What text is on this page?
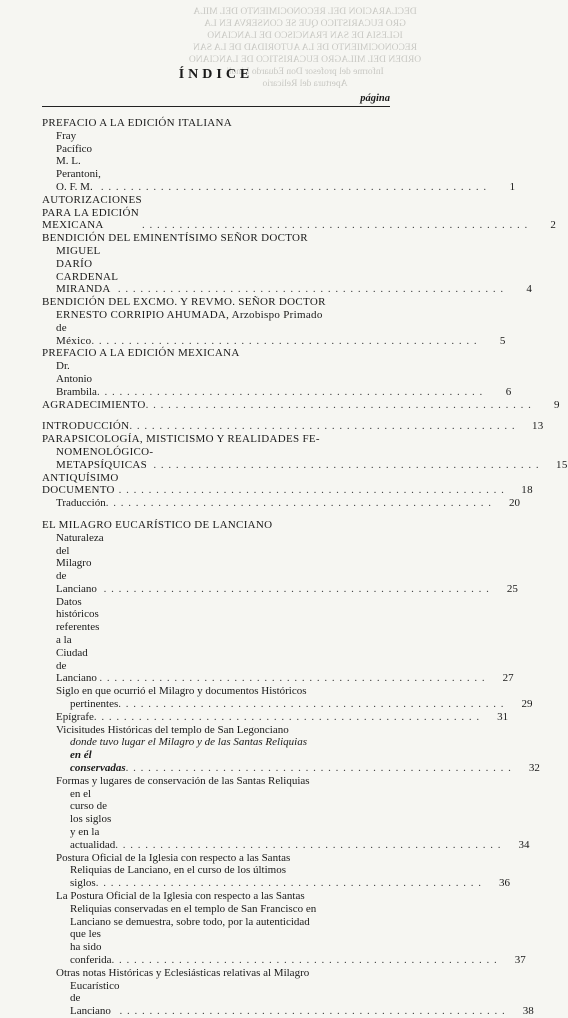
DECLARACION DEL RECONOCIMIENTO DEL MILA
GRO EUCARISTICO QUE SE CONSERVA EN LA
IGLESIA DE SAN FRANCISCO DE LANCIANO
RECONOCIMIENTO DE LA AUTORIDAD DE LA SAN
ORDEN DEL MILAGRO EUCARISTICO DE LANCIANO
Informe del profesor Don Eduardo Linoli
Apertura del Relicario
ÍNDICE
página
PREFACIO A LA EDICIÓN ITALIANA
Fray Pacífico M. L. Perantoni, O. F. M. . . . . . . . . . . . . . . . . . . . . . . . . . . . . . . . . . . . . . . . . . . . . . . . . . . . .	1
AUTORIZACIONES PARA LA EDICIÓN MEXICANA	. . . . . . . . . . . . . . . . . . . . . . . . . . . . . . . . . . . . . . . . . . . . . . . . . . . .	2
BENDICIÓN DEL EMINENTÍSIMO SEÑOR DOCTOR
MIGUEL DARÍO CARDENAL MIRANDA . . . . . . . . . . . . . . . . . . . . . . . . . . . . . . . . . . . . . . . . . . . . . . . . . . . .	4
BENDICIÓN DEL EXCMO. Y REVMO. SEÑOR DOCTOR
ERNESTO CORRIPIO AHUMADA, Arzobispo Primado
de México . . . . . . . . . . . . . . . . . . . . . . . . . . . . . . . . . . . . . . . . . . . . . . . . . . . .	5
PREFACIO A LA EDICIÓN MEXICANA
Dr. Antonio Brambila . . . . . . . . . . . . . . . . . . . . . . . . . . . . . . . . . . . . . . . . . . . . . . . . . . . .	6
AGRADECIMIENTO . . . . . . . . . . . . . . . . . . . . . . . . . . . . . . . . . . . . . . . . . . . . . . . . . . . .	9
INTRODUCCIÓN . . . . . . . . . . . . . . . . . . . . . . . . . . . . . . . . . . . . . . . . . . . . . . . . . . . .	13
PARAPSICOLOGÍA, MISTICISMO Y REALIDADES FE-
NOMENOLÓGICO-METAPSÍQUICAS . . . . . . . . . . . . . . . . . . . . . . . . . . . . . . . . . . . . . . . . . . . . . . . . . . . .	15
ANTIQUÍSIMO DOCUMENTO . . . . . . . . . . . . . . . . . . . . . . . . . . . . . . . . . . . . . . . . . . . . . . . . . . . .	18
Traducción . . . . . . . . . . . . . . . . . . . . . . . . . . . . . . . . . . . . . . . . . . . . . . . . . . . .	20
EL MILAGRO EUCARÍSTICO DE LANCIANO
Naturaleza del Milagro de Lanciano . . . . . . . . . . . . . . . . . . . . . . . . . . . . . . . . . . . . . . . . . . . . . . . . . . . .	25
Datos históricos referentes a la Ciudad de Lanciano . . . . . . . . . . . . . . . . . . . . . . . . . . . . . . . . . . . . . . . . . . . . . . . . . . . .	27
Siglo en que ocurrió el Milagro y documentos Históricos
pertinentes . . . . . . . . . . . . . . . . . . . . . . . . . . . . . . . . . . . . . . . . . . . . . . . . . . . .	29
Epígrafe . . . . . . . . . . . . . . . . . . . . . . . . . . . . . . . . . . . . . . . . . . . . . . . . . . . .	31
Vicisitudes Históricas del templo de San Legonciano
donde tuvo lugar el Milagro y de las Santas Reliquias
en él conservadas . . . . . . . . . . . . . . . . . . . . . . . . . . . . . . . . . . . . . . . . . . . . . . . . . . . .	32
Formas y lugares de conservación de las Santas Reliquias
en el curso de los siglos y en la actualidad . . . . . . . . . . . . . . . . . . . . . . . . . . . . . . . . . . . . . . . . . . . . . . . . . . . .	34
Postura Oficial de la Iglesia con respecto a las Santas
Reliquias de Lanciano, en el curso de los últimos
siglos . . . . . . . . . . . . . . . . . . . . . . . . . . . . . . . . . . . . . . . . . . . . . . . . . . . .	36
La Postura Oficial de la Iglesia con respecto a las Santas
Reliquias conservadas en el templo de San Francisco en
Lanciano se demuestra, sobre todo, por la autenticidad
que les ha sido conferida . . . . . . . . . . . . . . . . . . . . . . . . . . . . . . . . . . . . . . . . . . . . . . . . . . . .	37
Otras notas Históricas y Eclesiásticas relativas al Milagro
Eucarístico de Lanciano . . . . . . . . . . . . . . . . . . . . . . . . . . . . . . . . . . . . . . . . . . . . . . . . . . . .	38
